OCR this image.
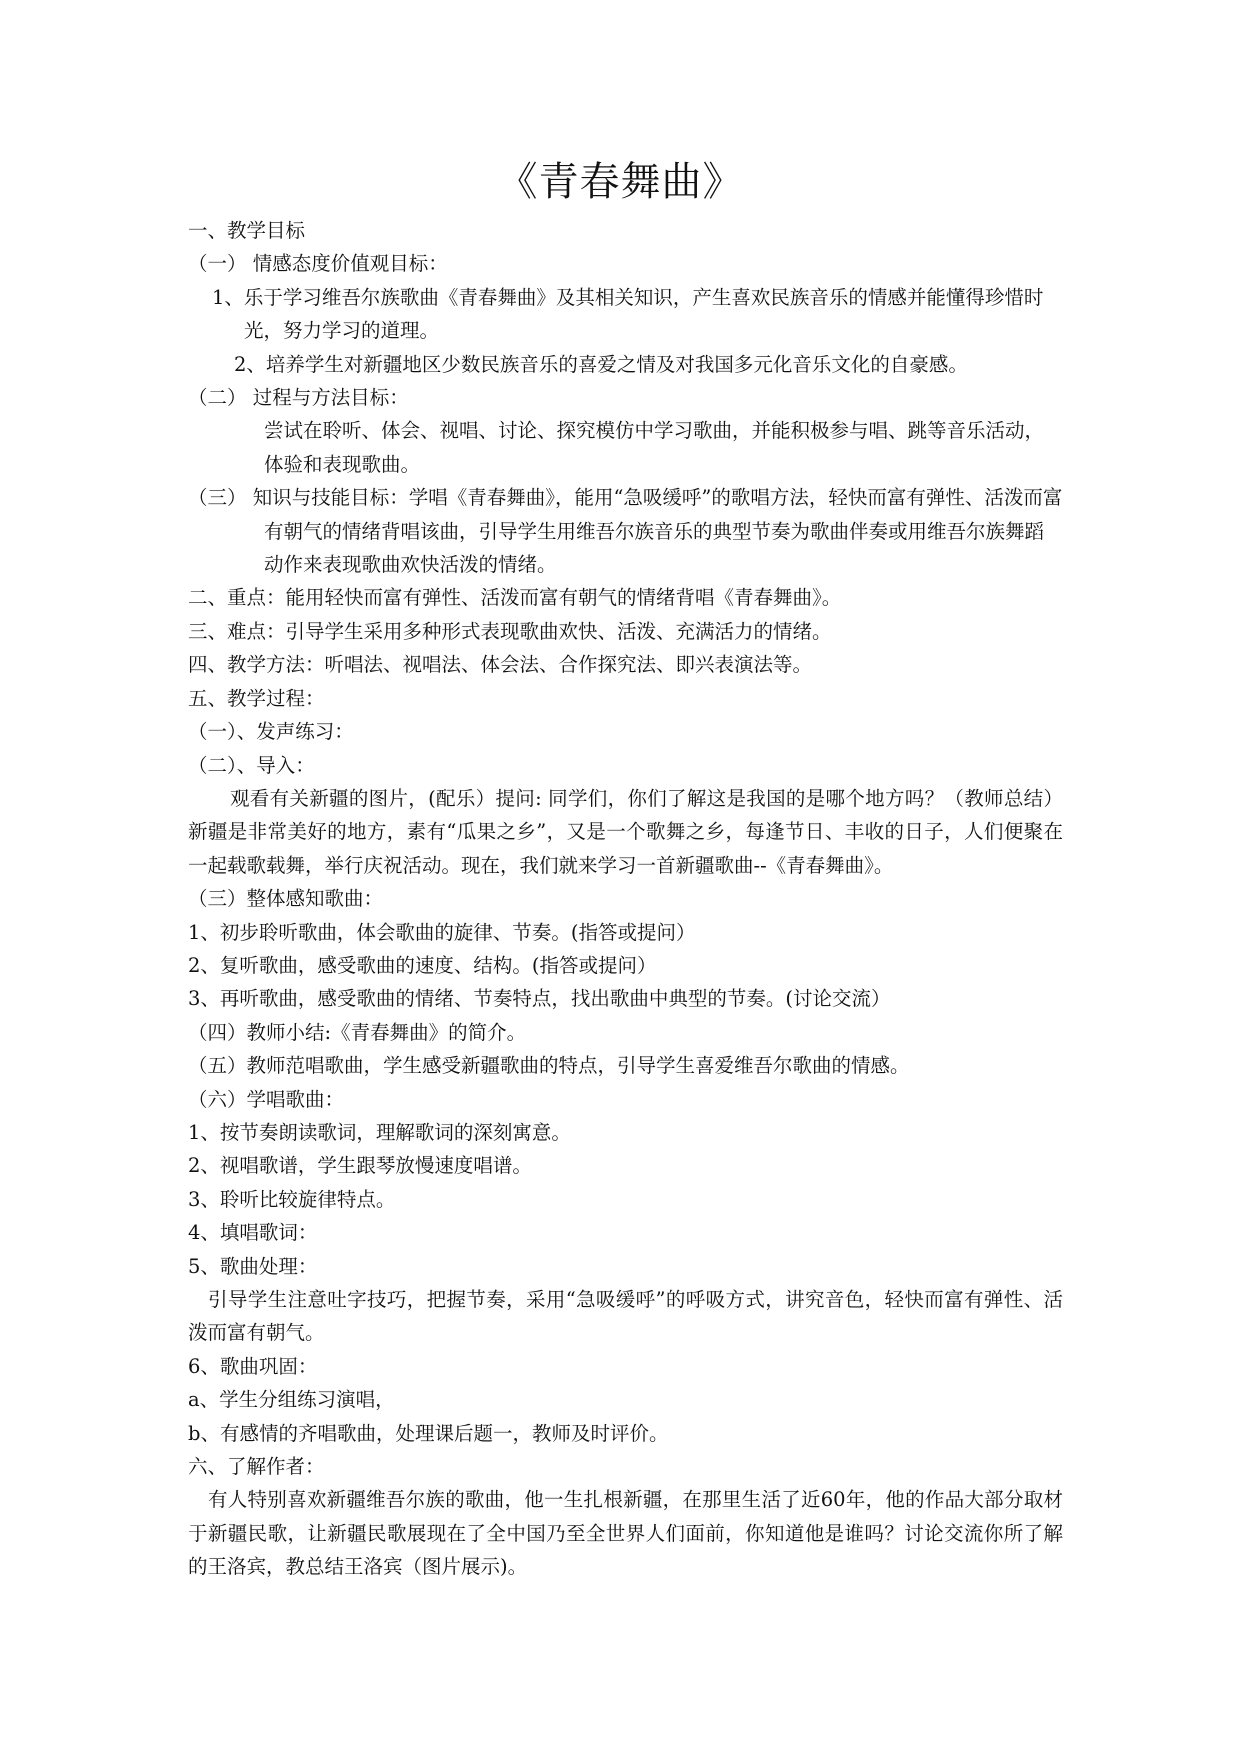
《青春舞曲》

一、教学目标

（一） 情感态度价值观目标：

1、乐于学习维吾尔族歌曲《青春舞曲》及其相关知识，产生喜欢民族音乐的情感并能懂得珍惜时光，努力学习的道理。

2、培养学生对新疆地区少数民族音乐的喜爱之情及对我国多元化音乐文化的自豪感。

（二） 过程与方法目标：

尝试在聆听、体会、视唱、讨论、探究模仿中学习歌曲，并能积极参与唱、跳等音乐活动，体验和表现歌曲。

（三） 知识与技能目标：学唱《青春舞曲》，能用“急吸缓呼”的歌唱方法，轻快而富有弹性、活泼而富有朝气的情绪背唱该曲，引导学生用维吾尔族音乐的典型节奏为歌曲伴奏或用维吾尔族舞蹈动作来表现歌曲欢快活泼的情绪。

二、重点：能用轻快而富有弹性、活泼而富有朝气的情绪背唱《青春舞曲》。

三、难点：引导学生采用多种形式表现歌曲欢快、活泼、充满活力的情绪。

四、教学方法：听唱法、视唱法、体会法、合作探究法、即兴表演法等。

五、教学过程：

（一）、发声练习：

（二）、导入：

观看有关新疆的图片，(配乐）提问: 同学们，你们了解这是我国的是哪个地方吗？（教师总结）新疆是非常美好的地方，素有“瓜果之乡”，又是一个歌舞之乡，每逢节日、丰收的日子，人们便聚在一起载歌载舞，举行庆祝活动。现在，我们就来学习一首新疆歌曲--《青春舞曲》。

（三）整体感知歌曲：

1、初步聆听歌曲，体会歌曲的旋律、节奏。(指答或提问）

2、复听歌曲，感受歌曲的速度、结构。(指答或提问）

3、再听歌曲，感受歌曲的情绪、节奏特点，找出歌曲中典型的节奏。(讨论交流）

（四）教师小结:《青春舞曲》的简介。

（五）教师范唱歌曲，学生感受新疆歌曲的特点，引导学生喜爱维吾尔歌曲的情感。

（六）学唱歌曲：

1、按节奏朗读歌词，理解歌词的深刻寓意。

2、视唱歌谱，学生跟琴放慢速度唱谱。

3、聆听比较旋律特点。

4、填唱歌词：

5、歌曲处理：

引导学生注意吐字技巧，把握节奏，采用“急吸缓呼”的呼吸方式，讲究音色，轻快而富有弹性、活泼而富有朝气。

6、歌曲巩固：

a、学生分组练习演唱，

b、有感情的齐唱歌曲，处理课后题一，教师及时评价。

六、了解作者：

有人特别喜欢新疆维吾尔族的歌曲，他一生扎根新疆，在那里生活了近60年，他的作品大部分取材于新疆民歌，让新疆民歌展现在了全中国乃至全世界人们面前，你知道他是谁吗？讨论交流你所了解的王洛宾，教总结王洛宾（图片展示)。
